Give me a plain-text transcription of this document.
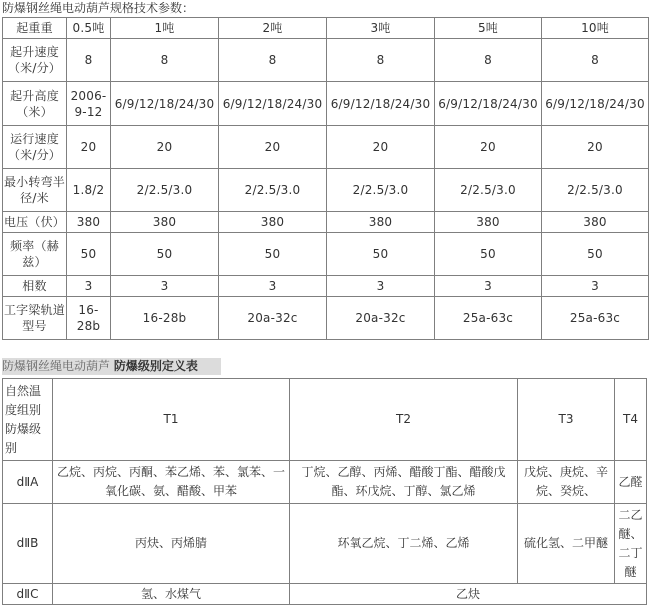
防爆钢丝绳电动葫芦规格技术参数：
起重重	0.5吨	1吨	2吨	3吨	5吨	10吨
起升速度（米/分）	8	8	8	8	8	8
起升高度（米）	2006-9-12	6/9/12/18/24/30	6/9/12/18/24/30	6/9/12/18/24/30	6/9/12/18/24/30	6/9/12/18/24/30
运行速度（米/分）	20	20	20	20	20	20
最小转弯半径/米	1.8/2	2/2.5/3.0	2/2.5/3.0	2/2.5/3.0	2/2.5/3.0	2/2.5/3.0
电压（伏）	380	380	380	380	380	380
频率（赫兹）	50	50	50	50	50	50
相数	3	3	3	3	3	3
工字梁轨道型号	16-28b	16-28b	20a-32c	20a-32c	25a-63c	25a-63c
防爆钢丝绳电动葫芦 防爆级别定义表
自然温度组别防爆级别	T1	T2	T3	T4
dⅡA	乙烷、丙烷、丙酮、苯乙烯、苯、氯苯、一氧化碳、氨、醋酸、甲苯	丁烷、乙醇、丙烯、醋酸丁酯、醋酸戊酯、环戊烷、丁醇、氯乙烯	戊烷、庚烷、辛烷、癸烷、	乙醛
dⅡB	丙炔、丙烯腈	环氧乙烷、丁二烯、乙烯	硫化氢、二甲醚	二乙醚、二丁醚
dⅡC	氢、水煤气	乙炔		
